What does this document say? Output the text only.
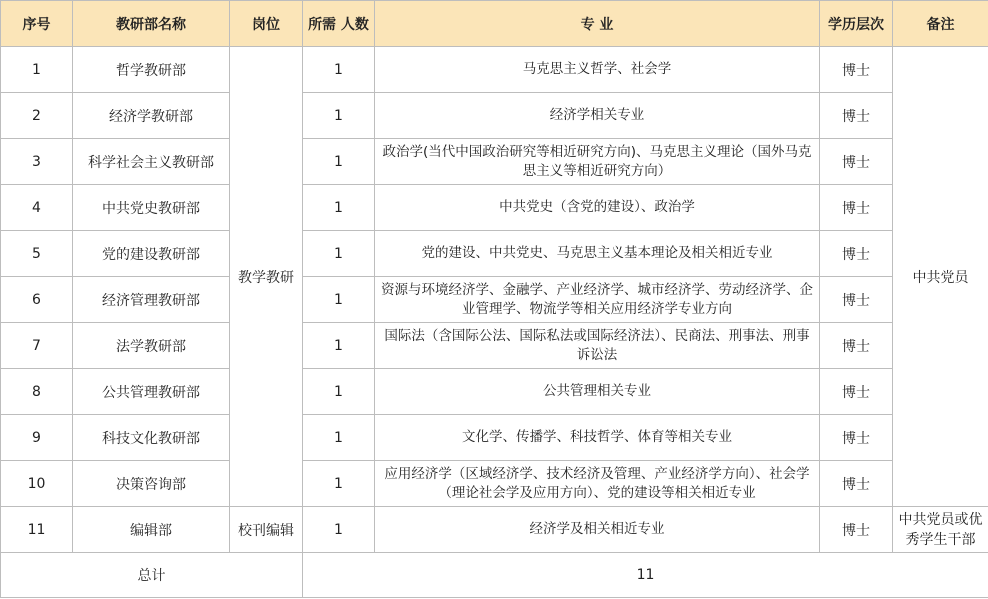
序号	教研部名称	岗位	所需 人数	专 业	学历层次	备注
1	哲学教研部	教学教研	1	马克思主义哲学、社会学	博士	中共党员
2	经济学教研部		1	经济学相关专业	博士	
3	科学社会主义教研部		1	政治学(当代中国政治研究等相近研究方向)、马克思主义理论（国外马克思主义等相近研究方向）	博士	
4	中共党史教研部		1	中共党史（含党的建设）、政治学	博士	
5	党的建设教研部		1	党的建设、中共党史、马克思主义基本理论及相关相近专业	博士	
6	经济管理教研部		1	资源与环境经济学、金融学、产业经济学、城市经济学、劳动经济学、企业管理学、物流学等相关应用经济学专业方向	博士	
7	法学教研部		1	国际法（含国际公法、国际私法或国际经济法）、民商法、刑事法、刑事诉讼法	博士	
8	公共管理教研部		1	公共管理相关专业	博士	
9	科技文化教研部		1	文化学、传播学、科技哲学、体育等相关专业	博士	
10	决策咨询部		1	应用经济学（区域经济学、技术经济及管理、产业经济学方向）、社会学（理论社会学及应用方向）、党的建设等相关相近专业	博士	
11	编辑部	校刊编辑	1	经济学及相关相近专业	博士	中共党员或优秀学生干部
总计			11			
